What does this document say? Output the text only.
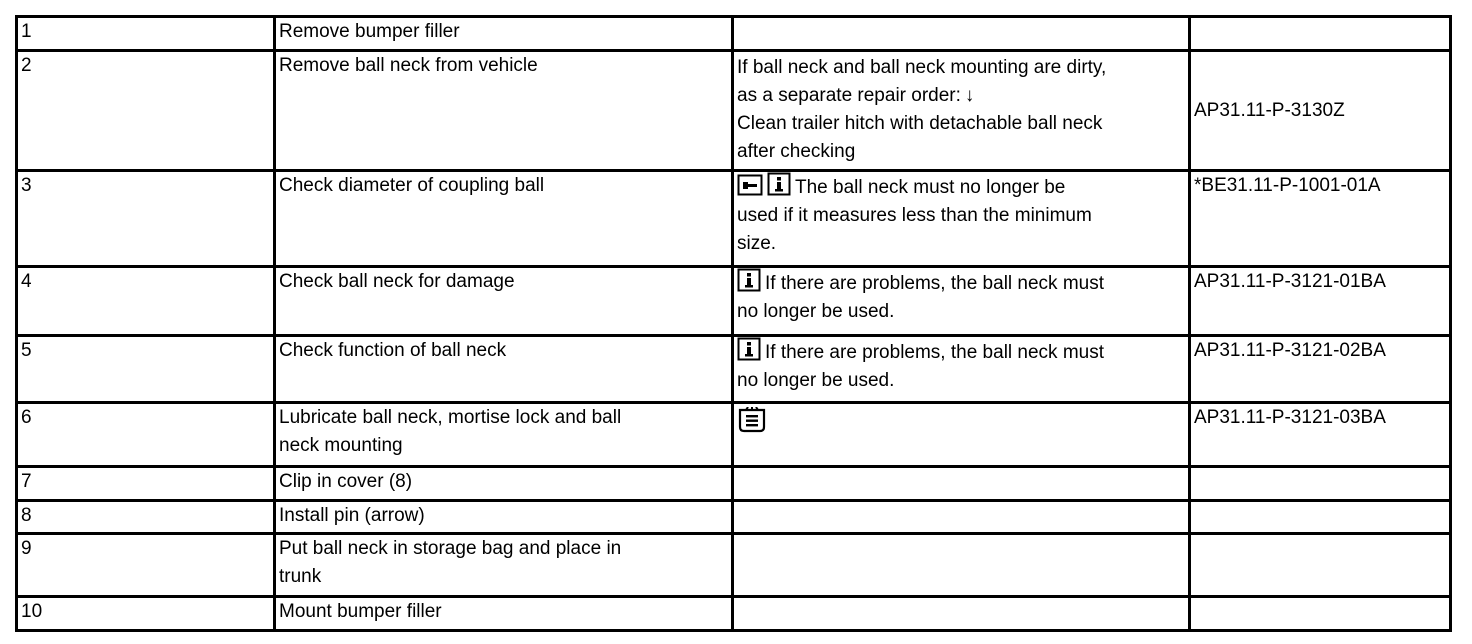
1	Remove bumper filler		
2	Remove ball neck from vehicle	If ball neck and ball neck mounting are dirty,
as a separate repair order: ↓
Clean trailer hitch with detachable ball neck
after checking	AP31.11-P-3130Z
3	Check diameter of coupling ball	The ball neck must no longer be
used if it measures less than the minimum
size.	*BE31.11-P-1001-01A
4	Check ball neck for damage	If there are problems, the ball neck must
no longer be used.	AP31.11-P-3121-01BA
5	Check function of ball neck	If there are problems, the ball neck must
no longer be used.	AP31.11-P-3121-02BA
6	Lubricate ball neck, mortise lock and ball
neck mounting		AP31.11-P-3121-03BA
7	Clip in cover (8)		
8	Install pin (arrow)		
9	Put ball neck in storage bag and place in
trunk		

10	Mount bumper filler		
